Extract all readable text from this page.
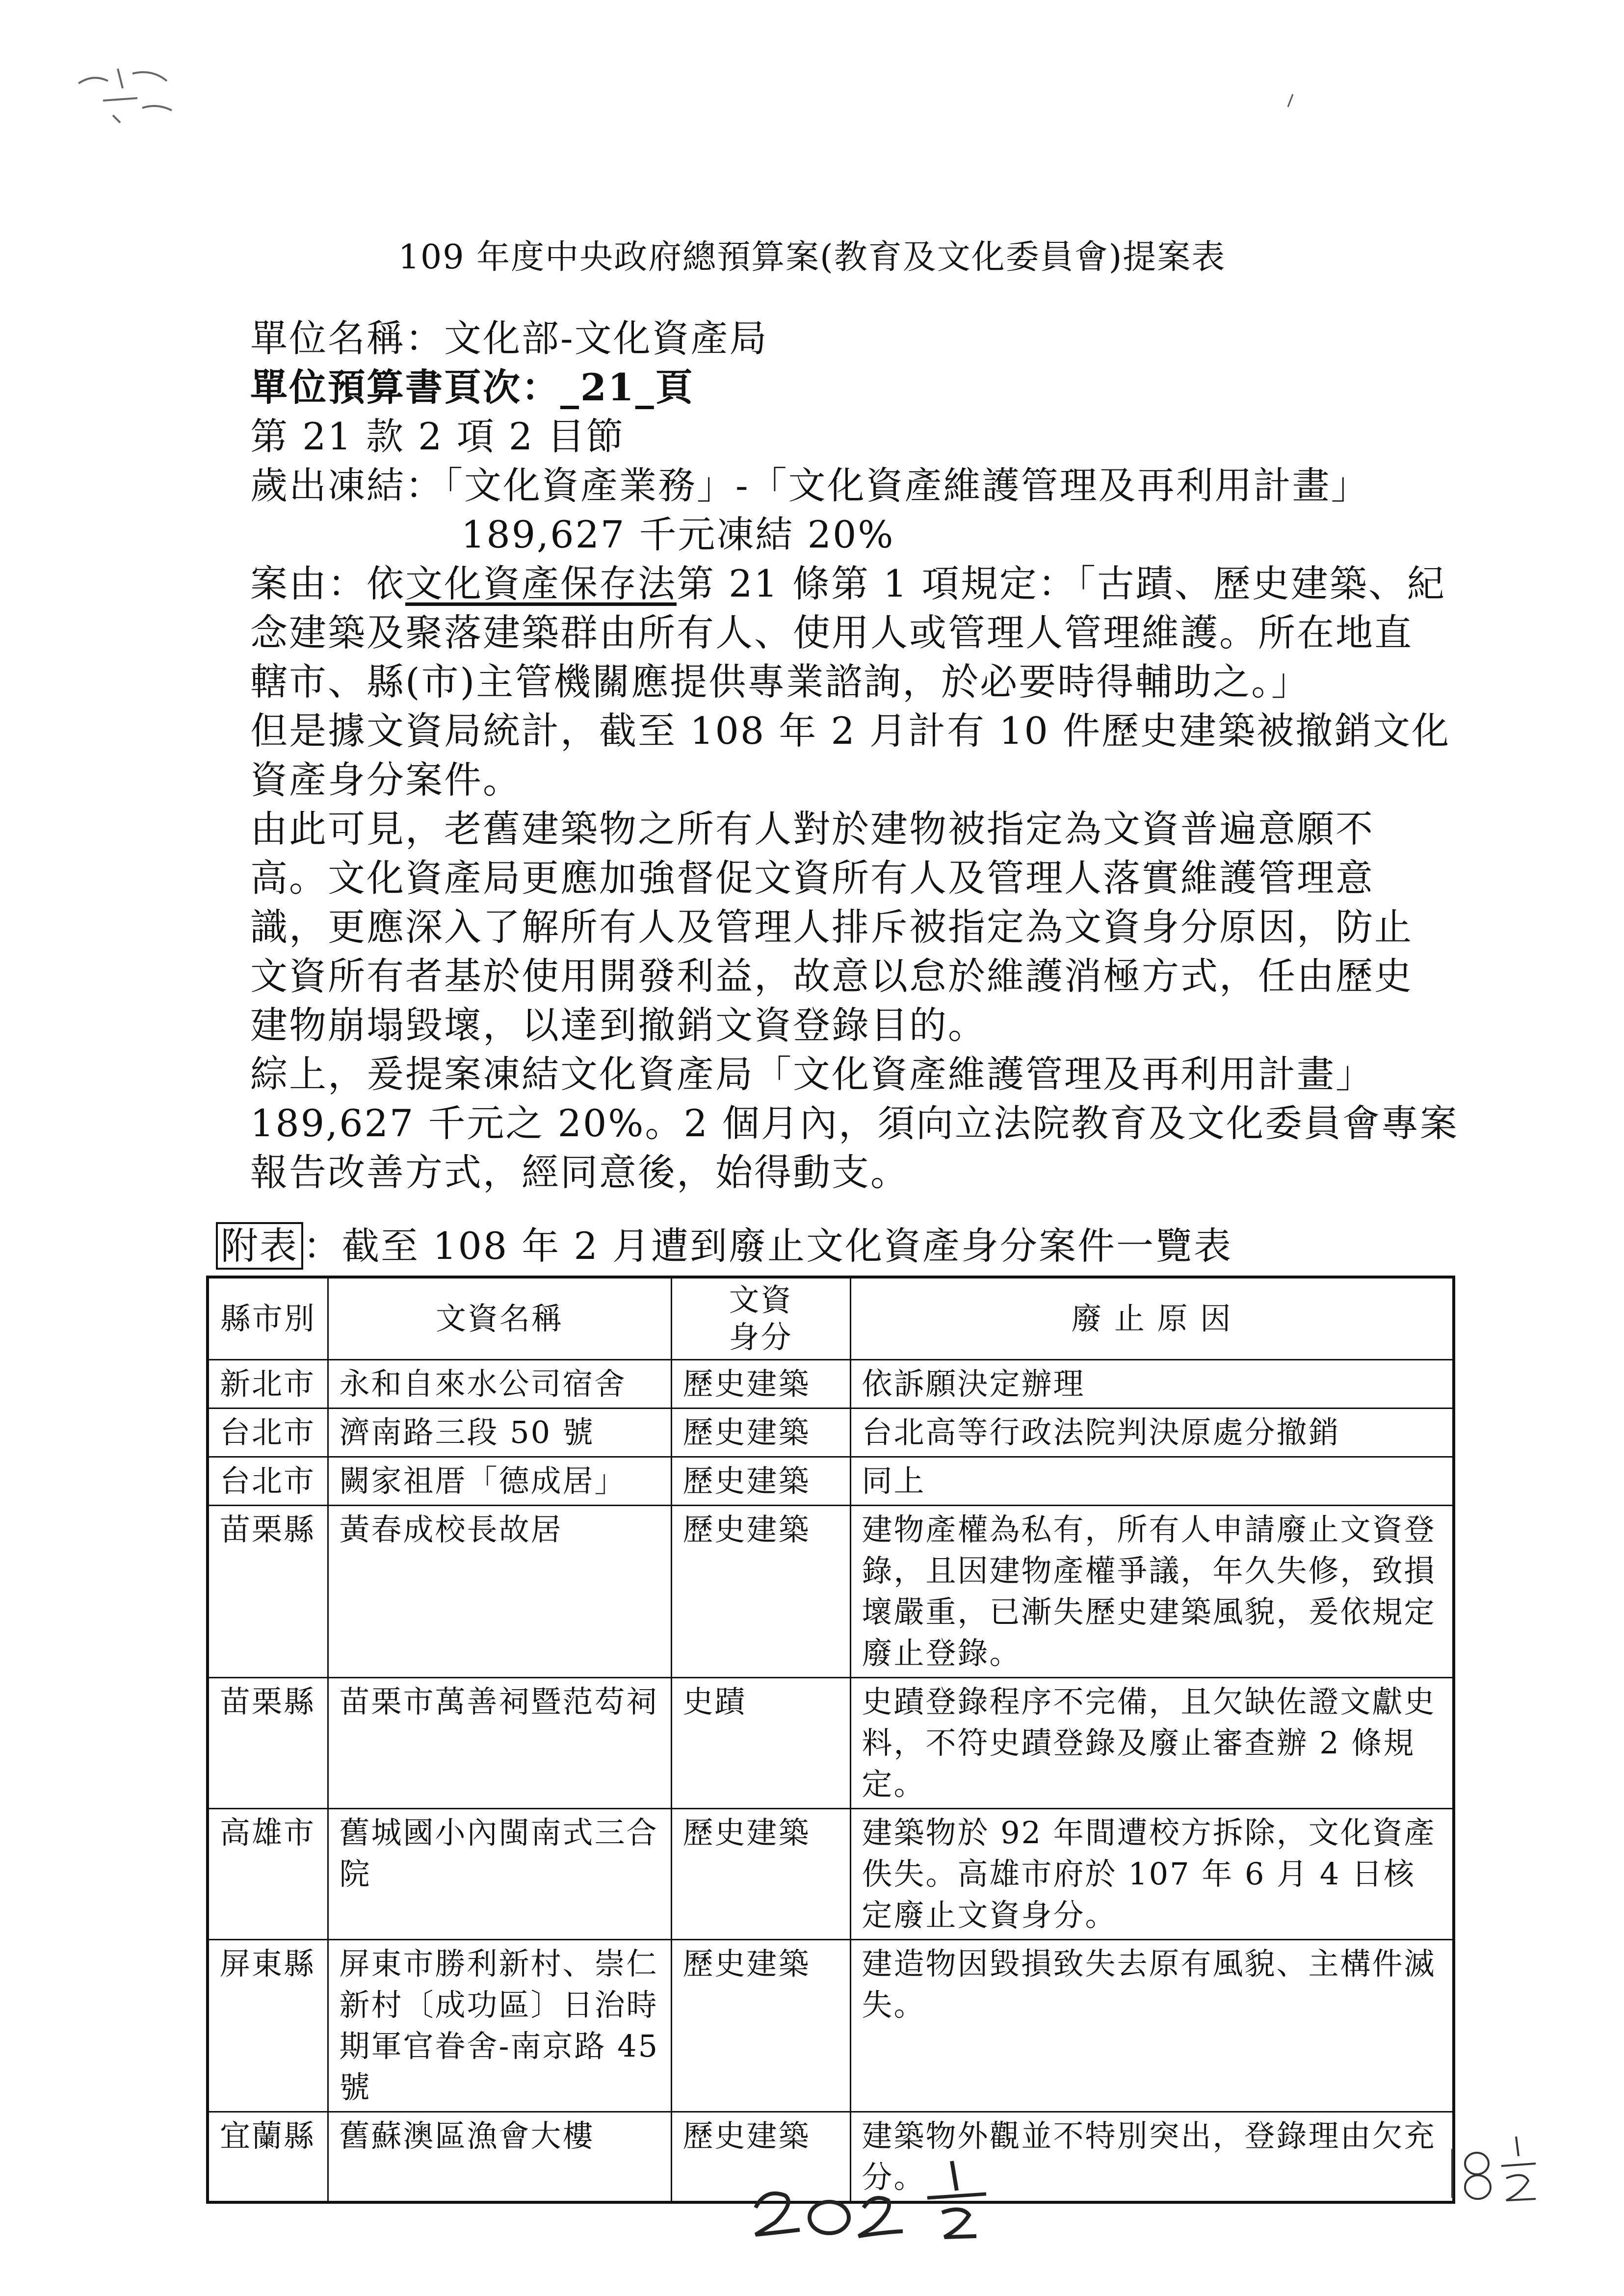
109 年度中央政府總預算案(教育及文化委員會)提案表
單位名稱：文化部-文化資產局
單位預算書頁次：_21_頁
第 21 款 2 項 2 目節
歲出凍結：「文化資產業務」-「文化資產維護管理及再利用計畫」
189,627 千元凍結 20%
案由：依文化資產保存法第 21 條第 1 項規定：「古蹟、歷史建築、紀
念建築及聚落建築群由所有人、使用人或管理人管理維護。所在地直
轄市、縣(市)主管機關應提供專業諮詢，於必要時得輔助之。」
但是據文資局統計，截至 108 年 2 月計有 10 件歷史建築被撤銷文化
資產身分案件。
由此可見，老舊建築物之所有人對於建物被指定為文資普遍意願不
高。文化資產局更應加強督促文資所有人及管理人落實維護管理意
識，更應深入了解所有人及管理人排斥被指定為文資身分原因，防止
文資所有者基於使用開發利益，故意以怠於維護消極方式，任由歷史
建物崩塌毀壞，以達到撤銷文資登錄目的。
綜上，爰提案凍結文化資產局「文化資產維護管理及再利用計畫」
189,627 千元之 20%。2 個月內，須向立法院教育及文化委員會專案
報告改善方式，經同意後，始得動支。
附表 ：截至 108 年 2 月遭到廢止文化資產身分案件一覽表
縣市別	文資名稱	文資
身分	廢 止 原 因
新北市	永和自來水公司宿舍	歷史建築	依訴願決定辦理
台北市	濟南路三段 50 號	歷史建築	台北高等行政法院判決原處分撤銷
台北市	闕家祖厝「德成居」	歷史建築	同上
苗栗縣	黃春成校長故居	歷史建築	建物產權為私有，所有人申請廢止文資登錄，且因建物產權爭議，年久失修，致損壞嚴重，已漸失歷史建築風貌，爰依規定廢止登錄。
苗栗縣	苗栗市萬善祠暨范芶祠	史蹟	史蹟登錄程序不完備，且欠缺佐證文獻史料，不符史蹟登錄及廢止審查辦 2 條規定。
高雄市	舊城國小內閩南式三合院	歷史建築	建築物於 92 年間遭校方拆除，文化資產佚失。高雄市府於 107 年 6 月 4 日核定廢止文資身分。
屏東縣	屏東市勝利新村、崇仁新村〔成功區〕日治時期軍官眷舍-南京路 45 號	歷史建築	建造物因毀損致失去原有風貌、主構件滅失。
宜蘭縣	舊蘇澳區漁會大樓	歷史建築	建築物外觀並不特別突出，登錄理由欠充分。
